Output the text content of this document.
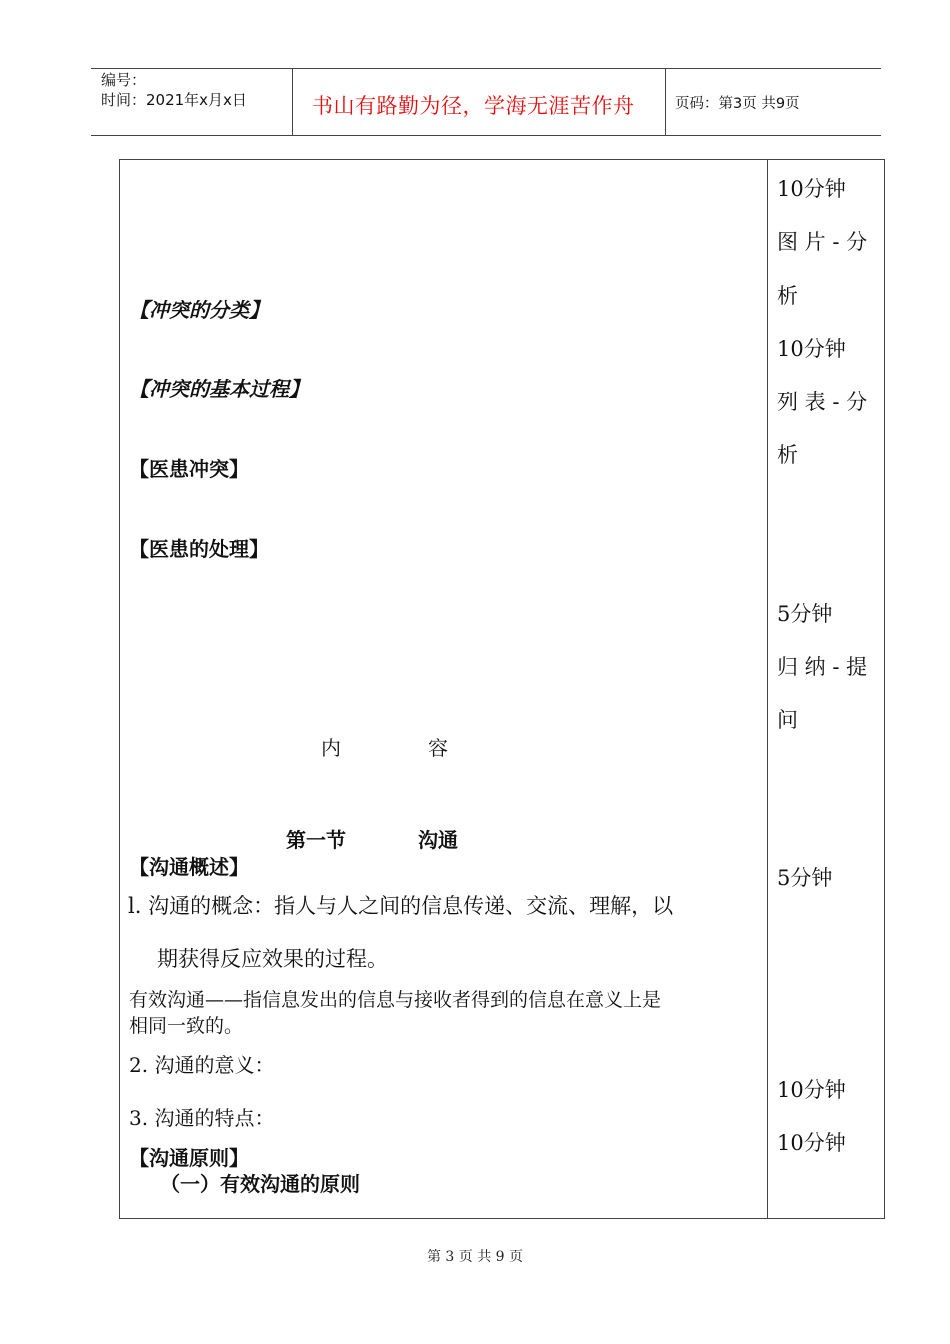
编号：
时间：2021年x月x日	书山有路勤为径，学海无涯苦作舟	页码：第3页 共9页
【冲突的分类】
【冲突的基本过程】
【医患冲突】
【医患的处理】
内	容
第一节	沟通
【沟通概述】
l. 沟通的概念：指人与人之间的信息传递、交流、理解，以
期获得反应效果的过程。
有效沟通——指信息发出的信息与接收者得到的信息在意义上是
相同一致的。
2. 沟通的意义：
3. 沟通的特点：
【沟通原则】
（一）有效沟通的原则
10分钟
图 片 - 分
析
10分钟
列 表 - 分
析
5分钟
归 纳 - 提
问
5分钟
10分钟
10分钟
第 3 页 共 9 页
